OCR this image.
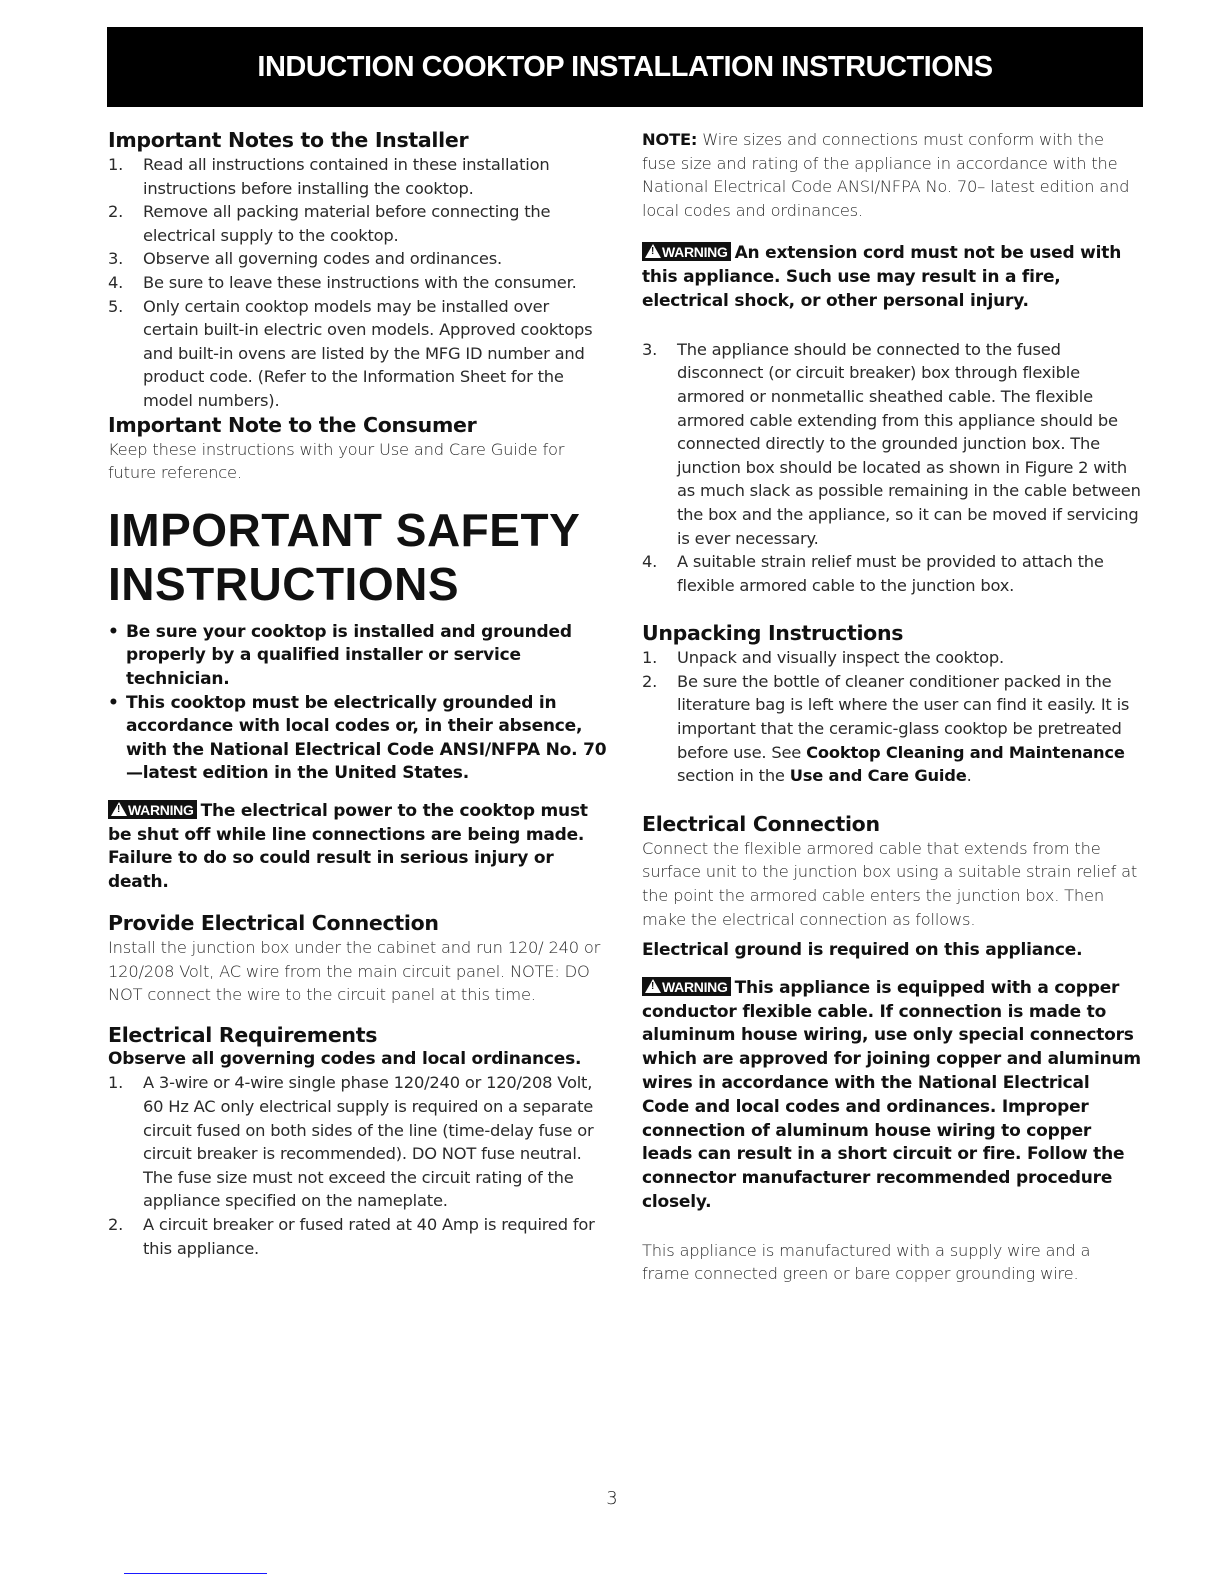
INDUCTION COOKTOP INSTALLATION INSTRUCTIONS
Important Notes to the Installer
1. Read all instructions contained in these installation instructions before installing the cooktop.
2. Remove all packing material before connecting the electrical supply to the cooktop.
3. Observe all governing codes and ordinances.
4. Be sure to leave these instructions with the consumer.
5. Only certain cooktop models may be installed over certain built-in electric oven models. Approved cooktops and built-in ovens are listed by the MFG ID number and product code. (Refer to the Information Sheet for the model numbers).
Important Note to the Consumer

Keep these instructions with your Use and Care Guide for future reference.

IMPORTANT SAFETY
INSTRUCTIONS
• Be sure your cooktop is installed and grounded properly by a qualified installer or service technician.
• This cooktop must be electrically grounded in accordance with local codes or, in their absence, with the National Electrical Code ANSI/NFPA No. 70—latest edition in the United States.

! WARNING The electrical power to the cooktop must be shut off while line connections are being made. Failure to do so could result in serious injury or death.

Provide Electrical Connection

Install the junction box under the cabinet and run 120/ 240 or 120/208 Volt, AC wire from the main circuit panel. NOTE: DO NOT connect the wire to the circuit panel at this time.

Electrical Requirements

Observe all governing codes and local ordinances.

1. A 3-wire or 4-wire single phase 120/240 or 120/208 Volt, 60 Hz AC only electrical supply is required on a separate circuit fused on both sides of the line (time-delay fuse or circuit breaker is recommended). DO NOT fuse neutral. The fuse size must not exceed the circuit rating of the appliance specified on the nameplate.
2. A circuit breaker or fused rated at 40 Amp is required for this appliance.

NOTE: Wire sizes and connections must conform with the fuse size and rating of the appliance in accordance with the National Electrical Code ANSI/NFPA No. 70– latest edition and local codes and ordinances.

! WARNING An extension cord must not be used with this appliance. Such use may result in a fire, electrical shock, or other personal injury.

3. The appliance should be connected to the fused disconnect (or circuit breaker) box through flexible armored or nonmetallic sheathed cable. The flexible armored cable extending from this appliance should be connected directly to the grounded junction box. The junction box should be located as shown in Figure 2 with as much slack as possible remaining in the cable between the box and the appliance, so it can be moved if servicing is ever necessary.
4. A suitable strain relief must be provided to attach the flexible armored cable to the junction box.
Unpacking Instructions
1. Unpack and visually inspect the cooktop.
2. Be sure the bottle of cleaner conditioner packed in the literature bag is left where the user can find it easily. It is important that the ceramic-glass cooktop be pretreated before use. See Cooktop Cleaning and Maintenance section in the Use and Care Guide.
Electrical Connection

Connect the flexible armored cable that extends from the surface unit to the junction box using a suitable strain relief at the point the armored cable enters the junction box. Then make the electrical connection as follows.

Electrical ground is required on this appliance.

! WARNING This appliance is equipped with a copper conductor flexible cable. If connection is made to aluminum house wiring, use only special connectors which are approved for joining copper and aluminum wires in accordance with the National Electrical Code and local codes and ordinances. Improper connection of aluminum house wiring to copper leads can result in a short circuit or fire. Follow the connector manufacturer recommended procedure closely.

This appliance is manufactured with a supply wire and a frame connected green or bare copper grounding wire.

3
